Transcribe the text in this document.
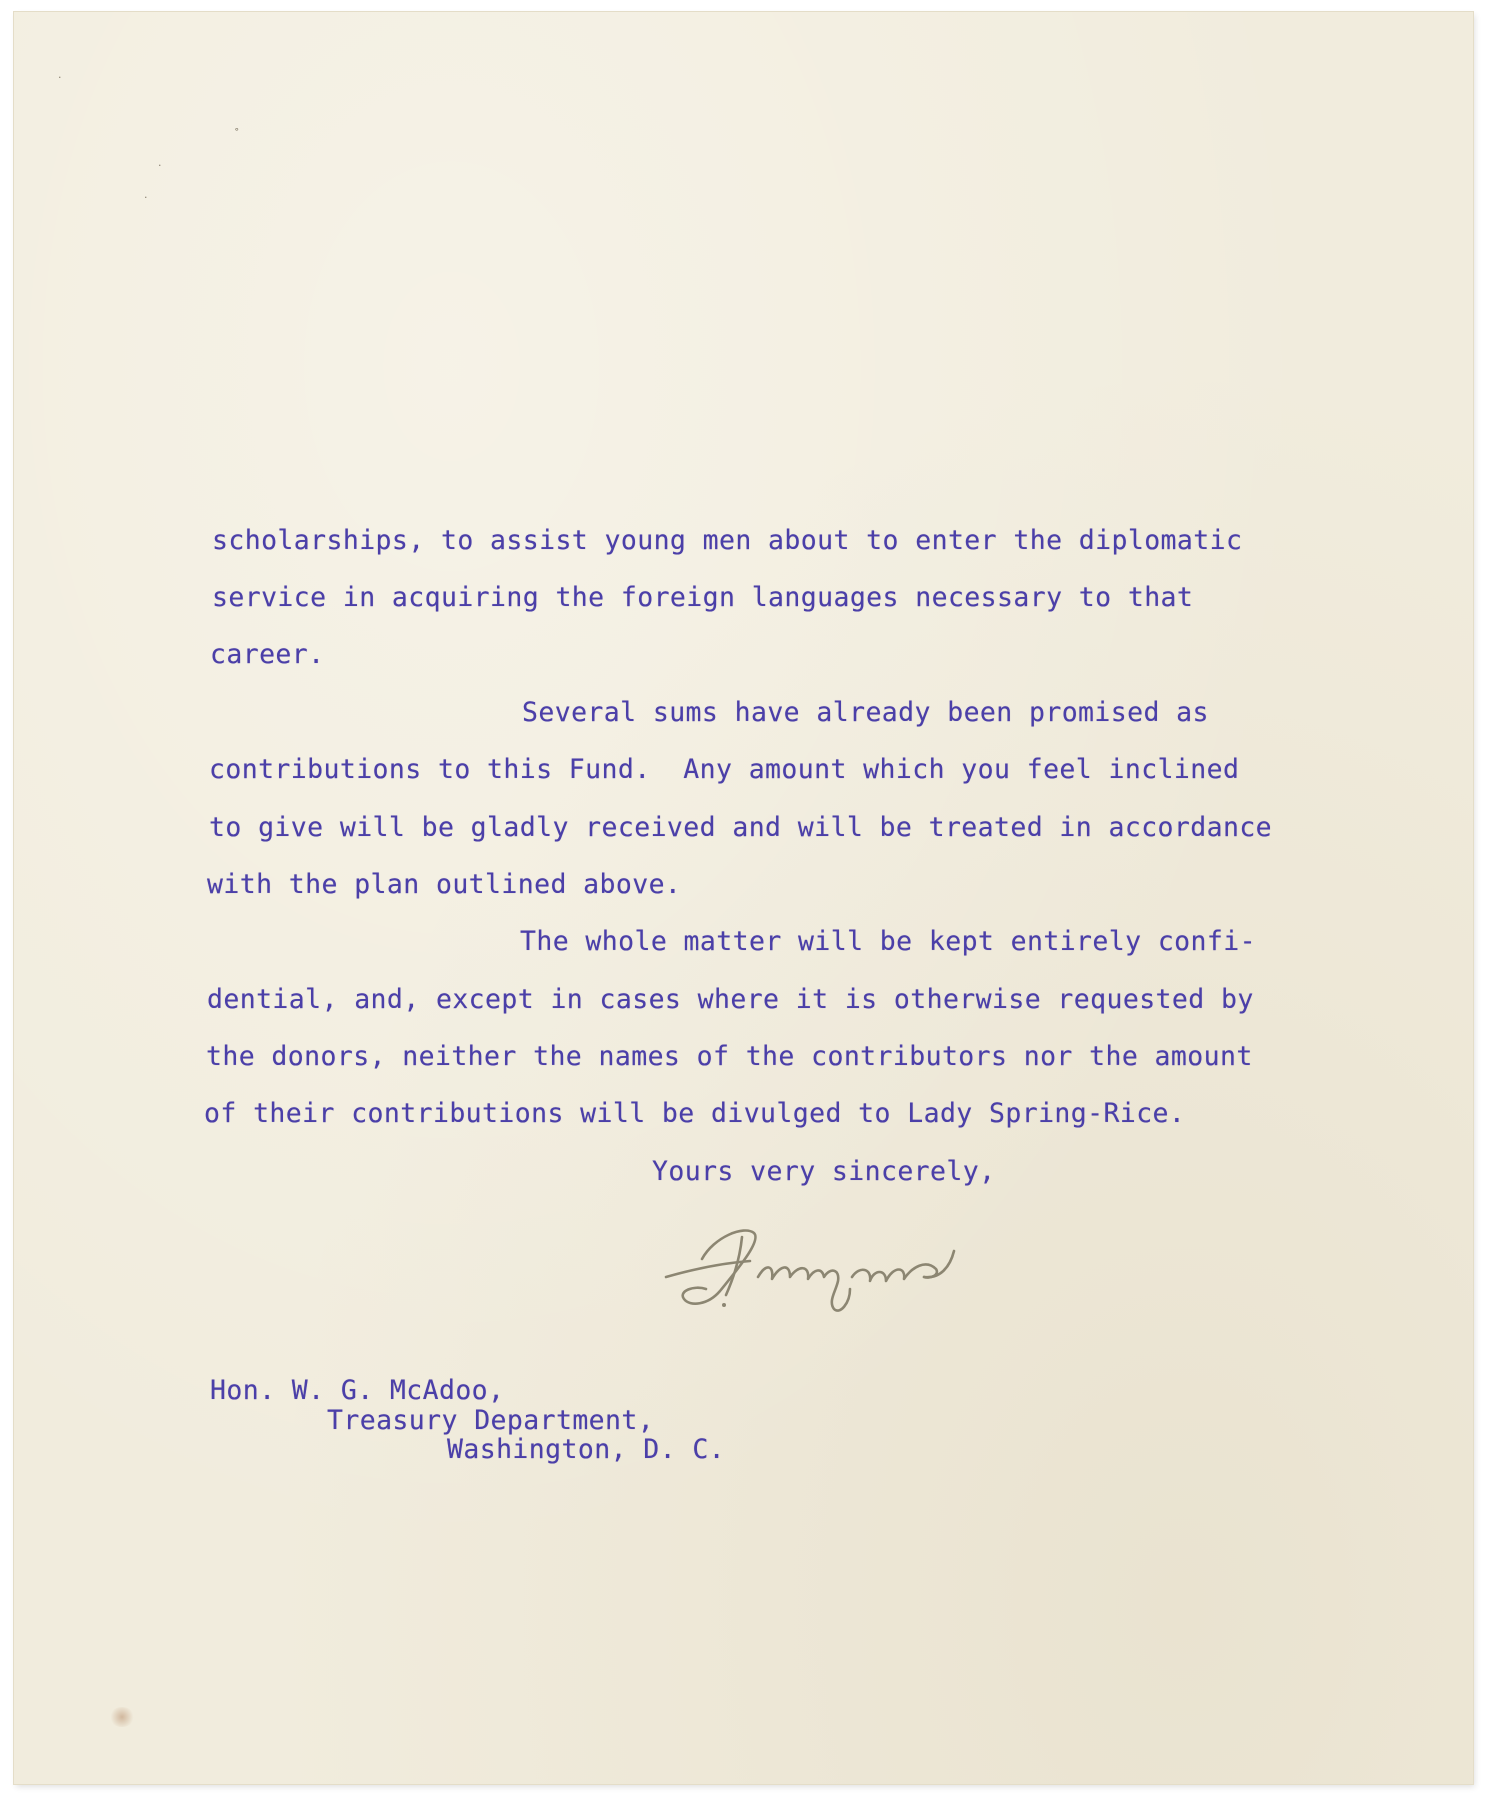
·
˚
·
·
scholarships, to assist young men about to enter the diplomatic
service in acquiring the foreign languages necessary to that
career.
Several sums have already been promised as
contributions to this Fund.  Any amount which you feel inclined
to give will be gladly received and will be treated in accordance
with the plan outlined above.
The whole matter will be kept entirely confi-
dential, and, except in cases where it is otherwise requested by
the donors, neither the names of the contributors nor the amount
of their contributions will be divulged to Lady Spring-Rice.
Yours very sincerely,
Hon. W. G. McAdoo,
Treasury Department,
Washington, D. C.
